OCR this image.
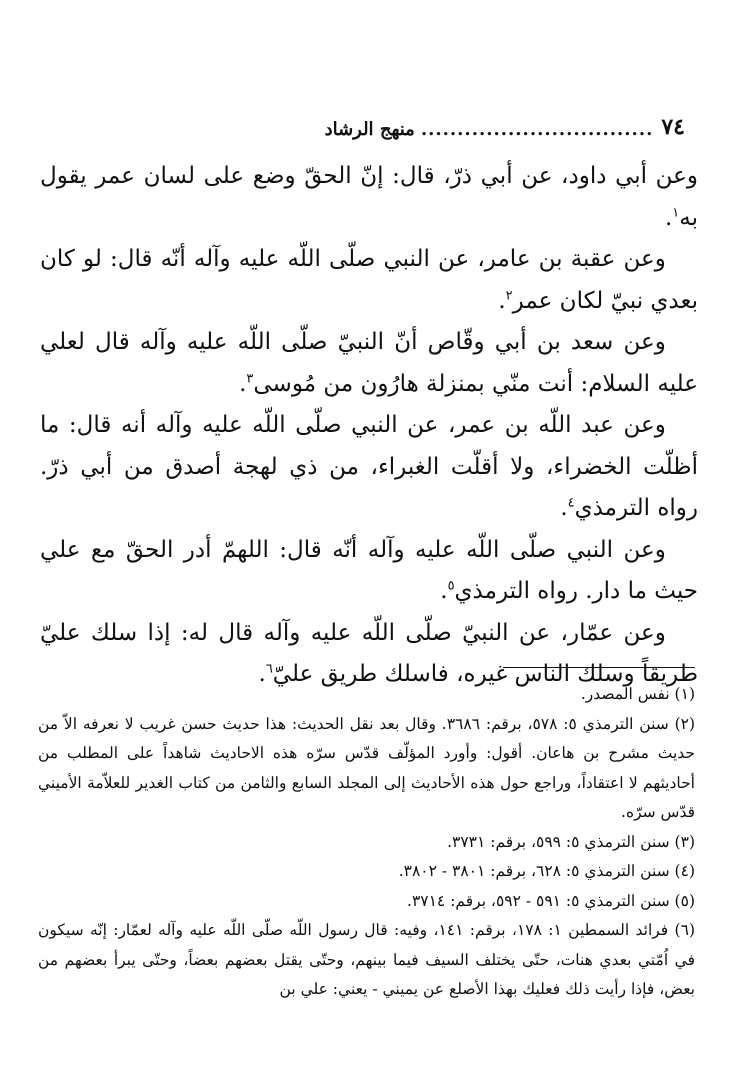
٧٤
................................
منهج الرشاد

وعن أبي داود، عن أبي ذرّ، قال: إنّ الحقّ وضع على لسان عمر يقول به$^١$.

وعن عقبة بن عامر، عن النبي صلّى اللّه عليه وآله أنّه قال: لو كان بعدي نبيّ لكان عمر$^٢$.

وعن سعد بن أبي وقّاص أنّ النبيّ صلّى اللّه عليه وآله قال لعلي عليه السلام: أنت منّي بمنزلة هارُون من مُوسى$^٣$.

وعن عبد اللّه بن عمر، عن النبي صلّى اللّه عليه وآله أنه قال: ما أظلّت الخضراء، ولا أقلّت الغبراء، من ذي لهجة أصدق من أبي ذرّ. رواه الترمذي$^٤$.

وعن النبي صلّى اللّه عليه وآله أنّه قال: اللهمّ أدر الحقّ مع علي حيث ما دار. رواه الترمذي$^٥$.

وعن عمّار، عن النبيّ صلّى اللّه عليه وآله قال له: إذا سلك عليّ طريقاً وسلك الناس غيره، فاسلك طريق عليّ$^٦$.

(١) نفس المصدر.

(٢) سنن الترمذي ٥: ٥٧٨، برقم: ٣٦٨٦. وقال بعد نقل الحديث: هذا حديث حسن غريب لا نعرفه الاّ من حديث مشرح بن هاعان. أقول: وأورد المؤلّف قدّس سرّه هذه الاحاديث شاهداً على المطلب من أحاديثهم لا اعتقاداً، وراجع حول هذه الأحاديث إلى المجلد السابع والثامن من كتاب الغدير للعلاّمة الأميني قدّس سرّه.

(٣) سنن الترمذي ٥: ٥٩٩، برقم: ٣٧٣١.

(٤) سنن الترمذي ٥: ٦٢٨، برقم: ٣٨٠١ - ٣٨٠٢.

(٥) سنن الترمذي ٥: ٥٩١ - ٥٩٢، برقم: ٣٧١٤.

(٦) فرائد السمطين ١: ١٧٨، برقم: ١٤١، وفيه: قال رسول اللّه صلّى اللّه عليه وآله لعمّار: إنّه سيكون في اُمّتي بعدي هنات، حتّى يختلف السيف فيما بينهم، وحتّى يقتل بعضهم بعضاً، وحتّى يبرأ بعضهم من بعض، فإذا رأيت ذلك فعليك بهذا الأصلع عن يميني - يعني: علي بن
